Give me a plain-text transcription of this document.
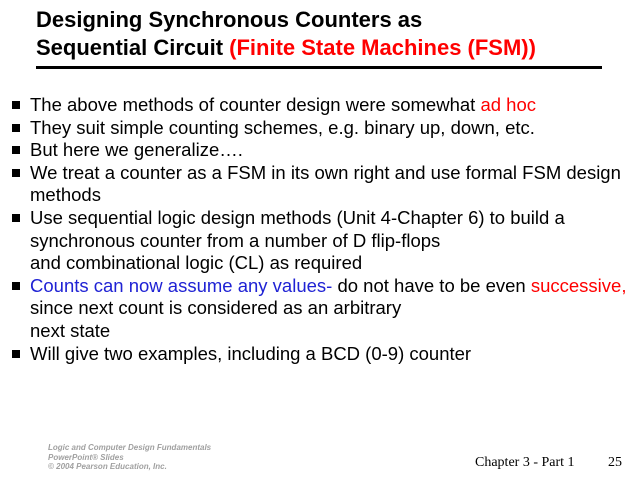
Designing Synchronous Counters as
Sequential Circuit (Finite State Machines (FSM))
The above methods of counter design were somewhat ad hoc
They suit simple counting schemes, e.g. binary up, down, etc.
But here we generalize….
We treat a counter as a FSM in its own right and use formal FSM design methods
Use sequential logic design methods (Unit 4-Chapter 6) to build a synchronous counter from a number of D flip-flops
and combinational logic (CL) as required
Counts can now assume any values- do not have to be even successive, since next count is considered as an arbitrary
next state
Will give two examples, including a BCD (0-9) counter
Logic and Computer Design Fundamentals
PowerPoint® Slides
© 2004 Pearson Education, Inc.	Chapter 3 - Part 1 25
